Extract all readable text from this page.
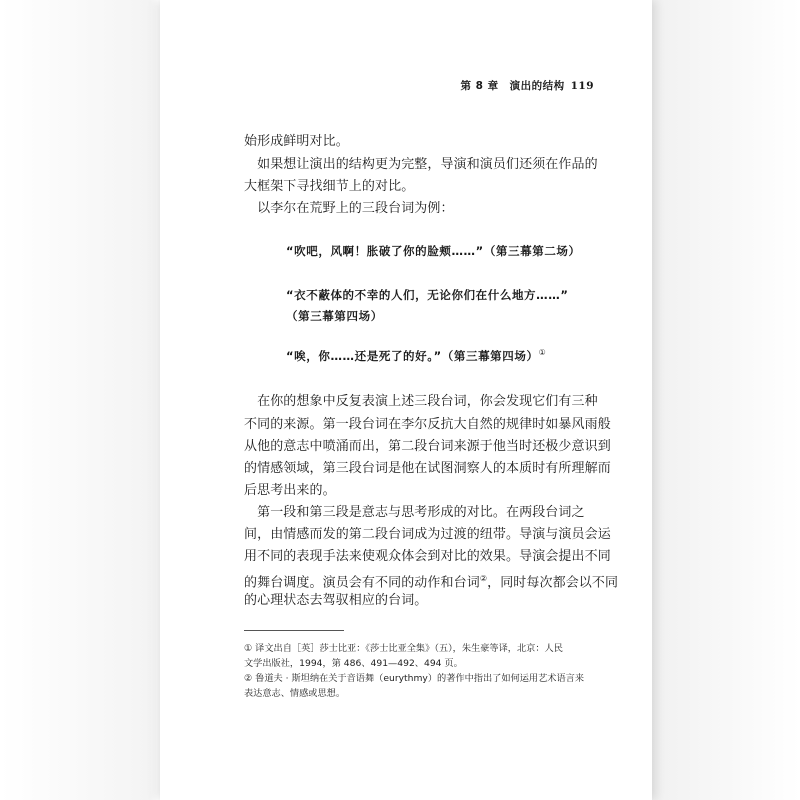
第 8 章　演出的结构 119
始形成鲜明对比。
　如果想让演出的结构更为完整，导演和演员们还须在作品的
大框架下寻找细节上的对比。
　以李尔在荒野上的三段台词为例：
“吹吧，风啊！胀破了你的脸颊……”（第三幕第二场）
“衣不蔽体的不幸的人们，无论你们在什么地方……”
（第三幕第四场）
“唉，你……还是死了的好。”（第三幕第四场）①
　在你的想象中反复表演上述三段台词，你会发现它们有三种
不同的来源。第一段台词在李尔反抗大自然的规律时如暴风雨般
从他的意志中喷涌而出，第二段台词来源于他当时还极少意识到
的情感领域，第三段台词是他在试图洞察人的本质时有所理解而
后思考出来的。
　第一段和第三段是意志与思考形成的对比。在两段台词之
间，由情感而发的第二段台词成为过渡的纽带。导演与演员会运
用不同的表现手法来使观众体会到对比的效果。导演会提出不同
的舞台调度。演员会有不同的动作和台词②，同时每次都会以不同
的心理状态去驾驭相应的台词。
① 译文出自［英］莎士比亚：《莎士比亚全集》（五），朱生豪等译，北京：人民
文学出版社，1994，第 486、491—492、494 页。
② 鲁道夫 · 斯坦纳在关于音语舞（eurythmy）的著作中指出了如何运用艺术语言来
表达意志、情感或思想。
